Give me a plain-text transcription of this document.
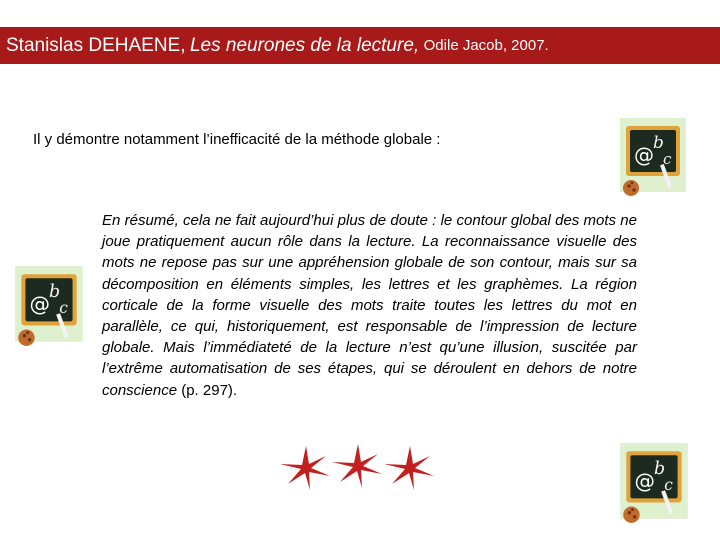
Stanislas DEHAENE,
Les neurones de la lecture,
Odile Jacob, 2007.
Il y démontre notamment l’inefficacité de la méthode globale :
En résumé, cela ne fait aujourd’hui plus de doute : le contour global des mots ne joue pratiquement aucun rôle dans la lecture. La reconnaissance visuelle des mots ne repose pas sur une appréhension globale de son contour, mais sur sa décomposition en éléments simples, les lettres et les graphèmes. La région corticale de la forme visuelle des mots traite toutes les lettres du mot en parallèle, ce qui, historiquement, est responsable de l’impression de lecture globale. Mais l’immédiateté de la lecture n’est qu’une illusion, suscitée par l’extrême automatisation de ses étapes, qui se déroulent en dehors de notre conscience (p. 297).
@ b
c
@
b
c
@
b
c
